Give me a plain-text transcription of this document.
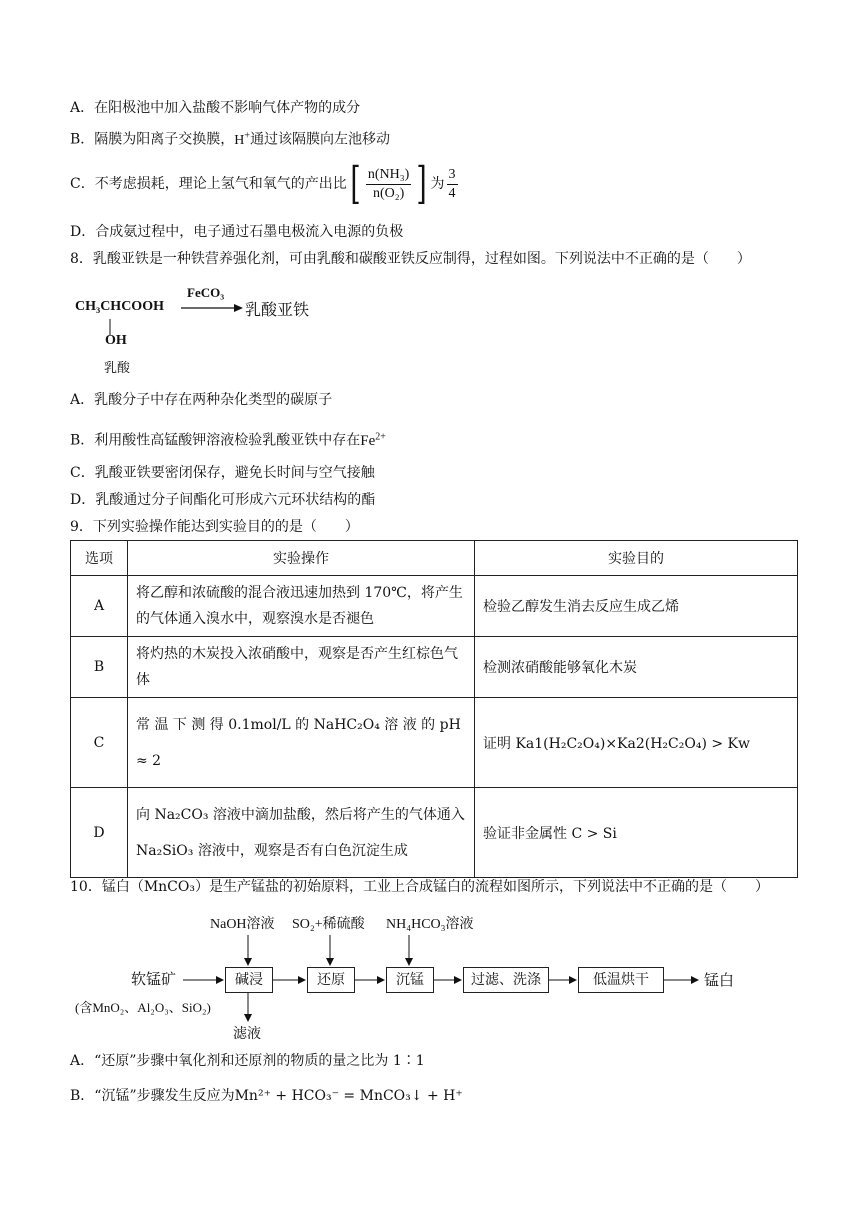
A．在阳极池中加入盐酸不影响气体产物的成分
B．隔膜为阳离子交换膜，H+通过该隔膜向左池移动
C．不考虑损耗，理论上氢气和氧气的产出比 [ $\frac{\text{n(NH₃)}}{\text{n(O₂)}}$ ] 为 $\frac{3}{4}$
D．合成氨过程中，电子通过石墨电极流入电源的负极
8．乳酸亚铁是一种铁营养强化剂，可由乳酸和碳酸亚铁反应制得，过程如图。下列说法中不正确的是（　　）
CH₃CHCOOH
FeCO₃
乳酸亚铁
OH
乳酸
A．乳酸分子中存在两种杂化类型的碳原子
B．利用酸性高锰酸钾溶液检验乳酸亚铁中存在$Fe^{2+}$
C．乳酸亚铁要密闭保存，避免长时间与空气接触
D．乳酸通过分子间酯化可形成六元环状结构的酯
9．下列实验操作能达到实验目的的是（　　）
选项	实验操作	实验目的
A	将乙醇和浓硫酸的混合液迅速加热到 170℃，将产生的气体通入溴水中，观察溴水是否褪色	检验乙醇发生消去反应生成乙烯
B	将灼热的木炭投入浓硝酸中，观察是否产生红棕色气体	检测浓硝酸能够氧化木炭
C	常 温 下 测 得 0.1mol/L 的 NaHC₂O₄ 溶 液 的 pH ≈ 2	证明 Ka1(H₂C₂O₄)×Ka2(H₂C₂O₄) > Kw
D	向 Na₂CO₃ 溶液中滴加盐酸，然后将产生的气体通入 Na₂SiO₃ 溶液中，观察是否有白色沉淀生成	验证非金属性 C > Si
10．锰白（MnCO₃）是生产锰盐的初始原料，工业上合成锰白的流程如图所示，下列说法中不正确的是（　　）
NaOH溶液 SO₂+稀硫酸 NH₄HCO₃溶液
软锰矿
(含MnO₂、Al₂O₃、SiO₂)
碱浸	还原	沉锰	过滤、洗涤	低温烘干	锰白
滤液
A．“还原”步骤中氧化剂和还原剂的物质的量之比为 1∶1
B．“沉锰”步骤发生反应为Mn²⁺ + HCO₃⁻ = MnCO₃↓ + H⁺
